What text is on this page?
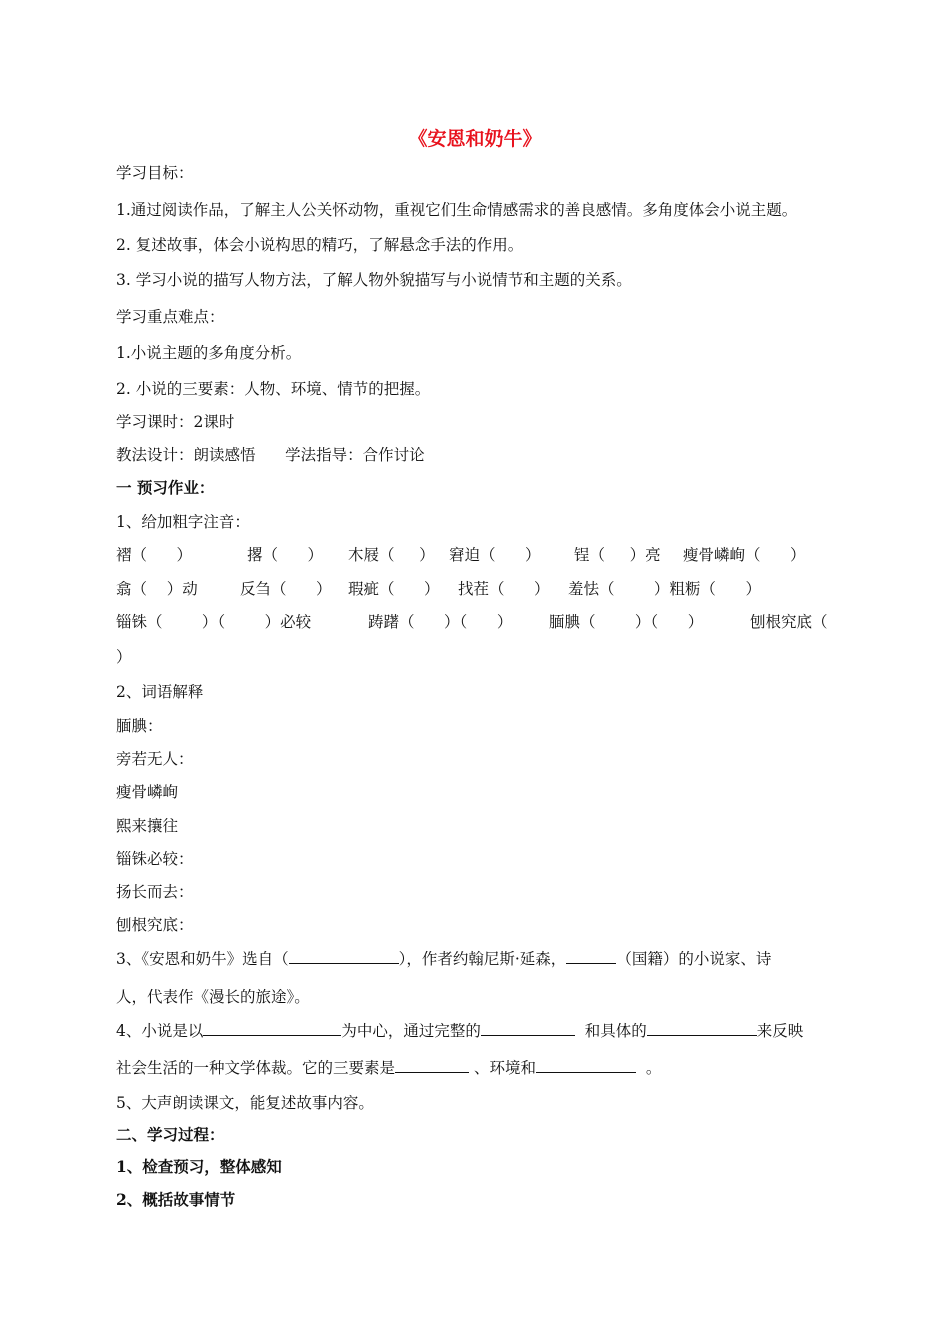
《安恩和奶牛》
学习目标：
1.通过阅读作品，了解主人公关怀动物，重视它们生命情感需求的善良感情。多角度体会小说主题。
2. 复述故事，体会小说构思的精巧，了解悬念手法的作用。
3. 学习小说的描写人物方法，了解人物外貌描写与小说情节和主题的关系。
学习重点难点：
1.小说主题的多角度分析。
2. 小说的三要素：人物、环境、情节的把握。
学习课时：2课时
教法设计：朗读感悟      学法指导：合作讨论
一 预习作业：
1、给加粗字注音：
褶（      ）	撂（      ） 木屐（     ） 窘迫（      ） 锃（     ）亮 瘦骨嶙峋（      ）
翕（    ）动	反刍（      ） 瑕疵（      ） 找茬（      ） 羞怯（        ）粗粝（      ）
锱铢（        ）（        ）必较	踌躇（      ）（      ） 腼腆（        ）（      ）	刨根究底（
）
2、词语解释
腼腆：
旁若无人：
瘦骨嶙峋
熙来攘往
锱铢必较：
扬长而去：
刨根究底：
3、《安恩和奶牛》选自（	），作者约翰尼斯·延森，	（国籍）的小说家、诗
人，代表作《漫长的旅途》。
4、小说是以	为中心，通过完整的	和具体的	来反映
社会生活的一种文学体裁。它的三要素是	、环境和	。
5、大声朗读课文，能复述故事内容。
二、学习过程：
1、检查预习，整体感知
2、概括故事情节
